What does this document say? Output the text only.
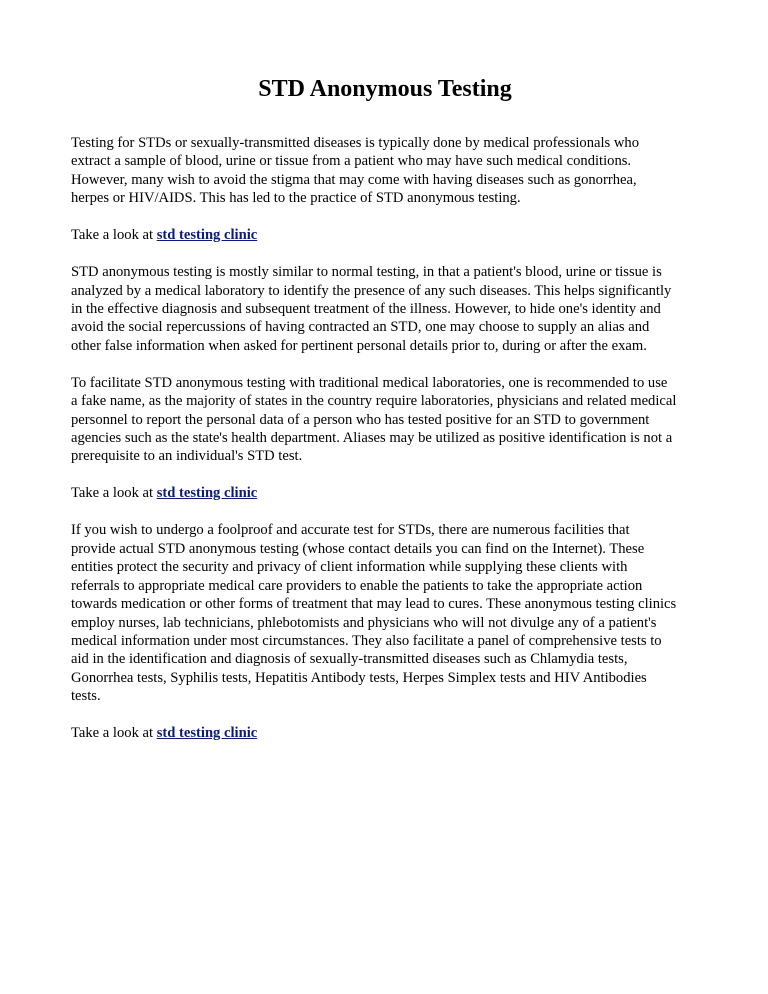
STD Anonymous Testing
Testing for STDs or sexually-transmitted diseases is typically done by medical professionals who
extract a sample of blood, urine or tissue from a patient who may have such medical conditions.
However, many wish to avoid the stigma that may come with having diseases such as gonorrhea,
herpes or HIV/AIDS. This has led to the practice of STD anonymous testing.
Take a look at std testing clinic
STD anonymous testing is mostly similar to normal testing, in that a patient's blood, urine or tissue is
analyzed by a medical laboratory to identify the presence of any such diseases. This helps significantly
in the effective diagnosis and subsequent treatment of the illness. However, to hide one's identity and
avoid the social repercussions of having contracted an STD, one may choose to supply an alias and
other false information when asked for pertinent personal details prior to, during or after the exam.
To facilitate STD anonymous testing with traditional medical laboratories, one is recommended to use
a fake name, as the majority of states in the country require laboratories, physicians and related medical
personnel to report the personal data of a person who has tested positive for an STD to government
agencies such as the state's health department. Aliases may be utilized as positive identification is not a
prerequisite to an individual's STD test.
Take a look at std testing clinic
If you wish to undergo a foolproof and accurate test for STDs, there are numerous facilities that
provide actual STD anonymous testing (whose contact details you can find on the Internet). These
entities protect the security and privacy of client information while supplying these clients with
referrals to appropriate medical care providers to enable the patients to take the appropriate action
towards medication or other forms of treatment that may lead to cures. These anonymous testing clinics
employ nurses, lab technicians, phlebotomists and physicians who will not divulge any of a patient's
medical information under most circumstances. They also facilitate a panel of comprehensive tests to
aid in the identification and diagnosis of sexually-transmitted diseases such as Chlamydia tests,
Gonorrhea tests, Syphilis tests, Hepatitis Antibody tests, Herpes Simplex tests and HIV Antibodies
tests.
Take a look at std testing clinic
